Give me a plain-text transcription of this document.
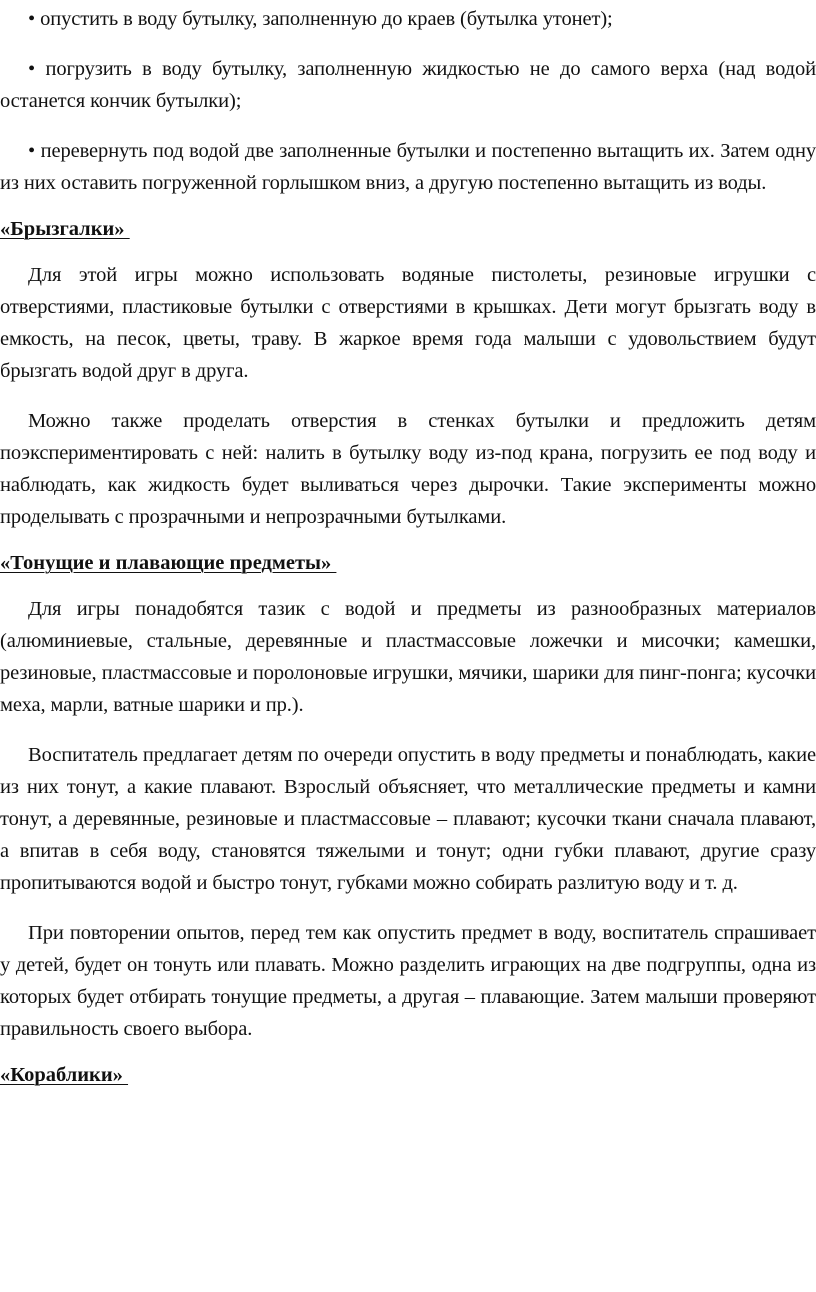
• опустить в воду бутылку, заполненную до краев (бутылка утонет);

• погрузить в воду бутылку, заполненную жидкостью не до самого верха (над водой останется кончик бутылки);

• перевернуть под водой две заполненные бутылки и постепенно вытащить их. Затем одну из них оставить погруженной горлышком вниз, а другую постепенно вытащить из воды.

«Брызгалки»

Для этой игры можно использовать водяные пистолеты, резиновые игрушки с отверстиями, пластиковые бутылки с отверстиями в крышках. Дети могут брызгать воду в емкость, на песок, цветы, траву. В жаркое время года малыши с удовольствием будут брызгать водой друг в друга.

Можно также проделать отверстия в стенках бутылки и предложить детям поэкспериментировать с ней: налить в бутылку воду из-под крана, погрузить ее под воду и наблюдать, как жидкость будет выливаться через дырочки. Такие эксперименты можно проделывать с прозрачными и непрозрачными бутылками.

«Тонущие и плавающие предметы»

Для игры понадобятся тазик с водой и предметы из разнообразных материалов (алюминиевые, стальные, деревянные и пластмассовые ложечки и мисочки; камешки, резиновые, пластмассовые и поролоновые игрушки, мячики, шарики для пинг-понга; кусочки меха, марли, ватные шарики и пр.).

Воспитатель предлагает детям по очереди опустить в воду предметы и понаблюдать, какие из них тонут, а какие плавают. Взрослый объясняет, что металлические предметы и камни тонут, а деревянные, резиновые и пластмассовые – плавают; кусочки ткани сначала плавают, а впитав в себя воду, становятся тяжелыми и тонут; одни губки плавают, другие сразу пропитываются водой и быстро тонут, губками можно собирать разлитую воду и т. д.

При повторении опытов, перед тем как опустить предмет в воду, воспитатель спрашивает у детей, будет он тонуть или плавать. Можно разделить играющих на две подгруппы, одна из которых будет отбирать тонущие предметы, а другая – плавающие. Затем малыши проверяют правильность своего выбора.

«Кораблики»
